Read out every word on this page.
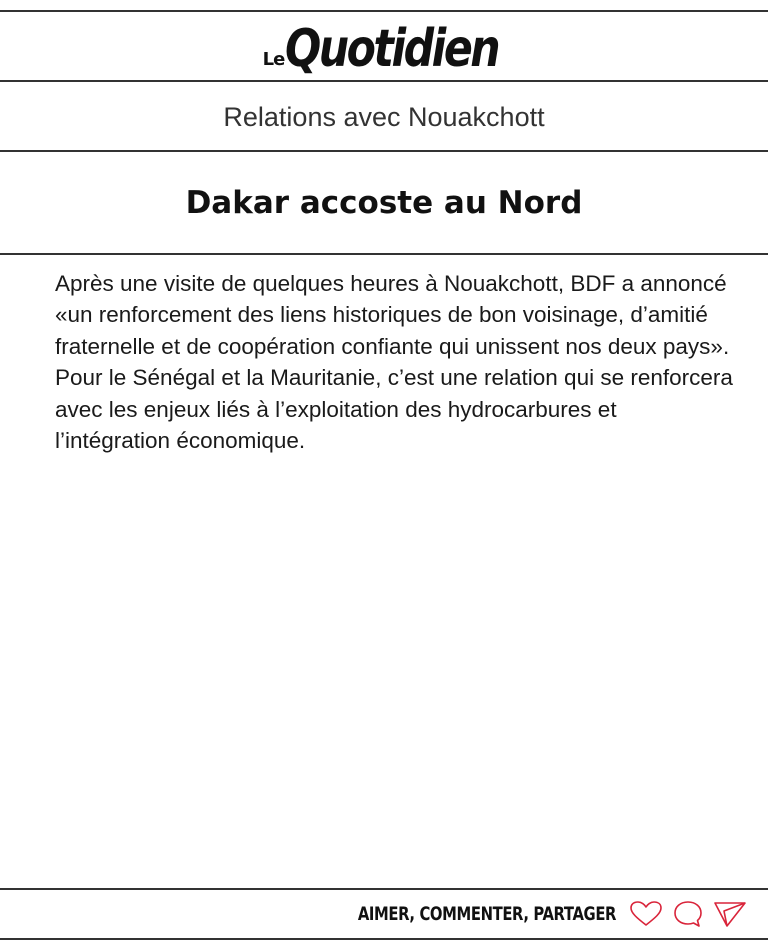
Le Quotidien
Relations avec Nouakchott
Dakar accoste au Nord

Après une visite de quelques heures à Nouakchott, BDF a annoncé «un renforcement des liens historiques de bon voisinage, d’amitié fraternelle et de coopération confiante qui unissent nos deux pays». Pour le Sénégal et la Mauritanie, c’est une relation qui se renforcera avec les enjeux liés à l’exploitation des hydrocarbures et l’intégration économique.

AIMER, COMMENTER, PARTAGER
